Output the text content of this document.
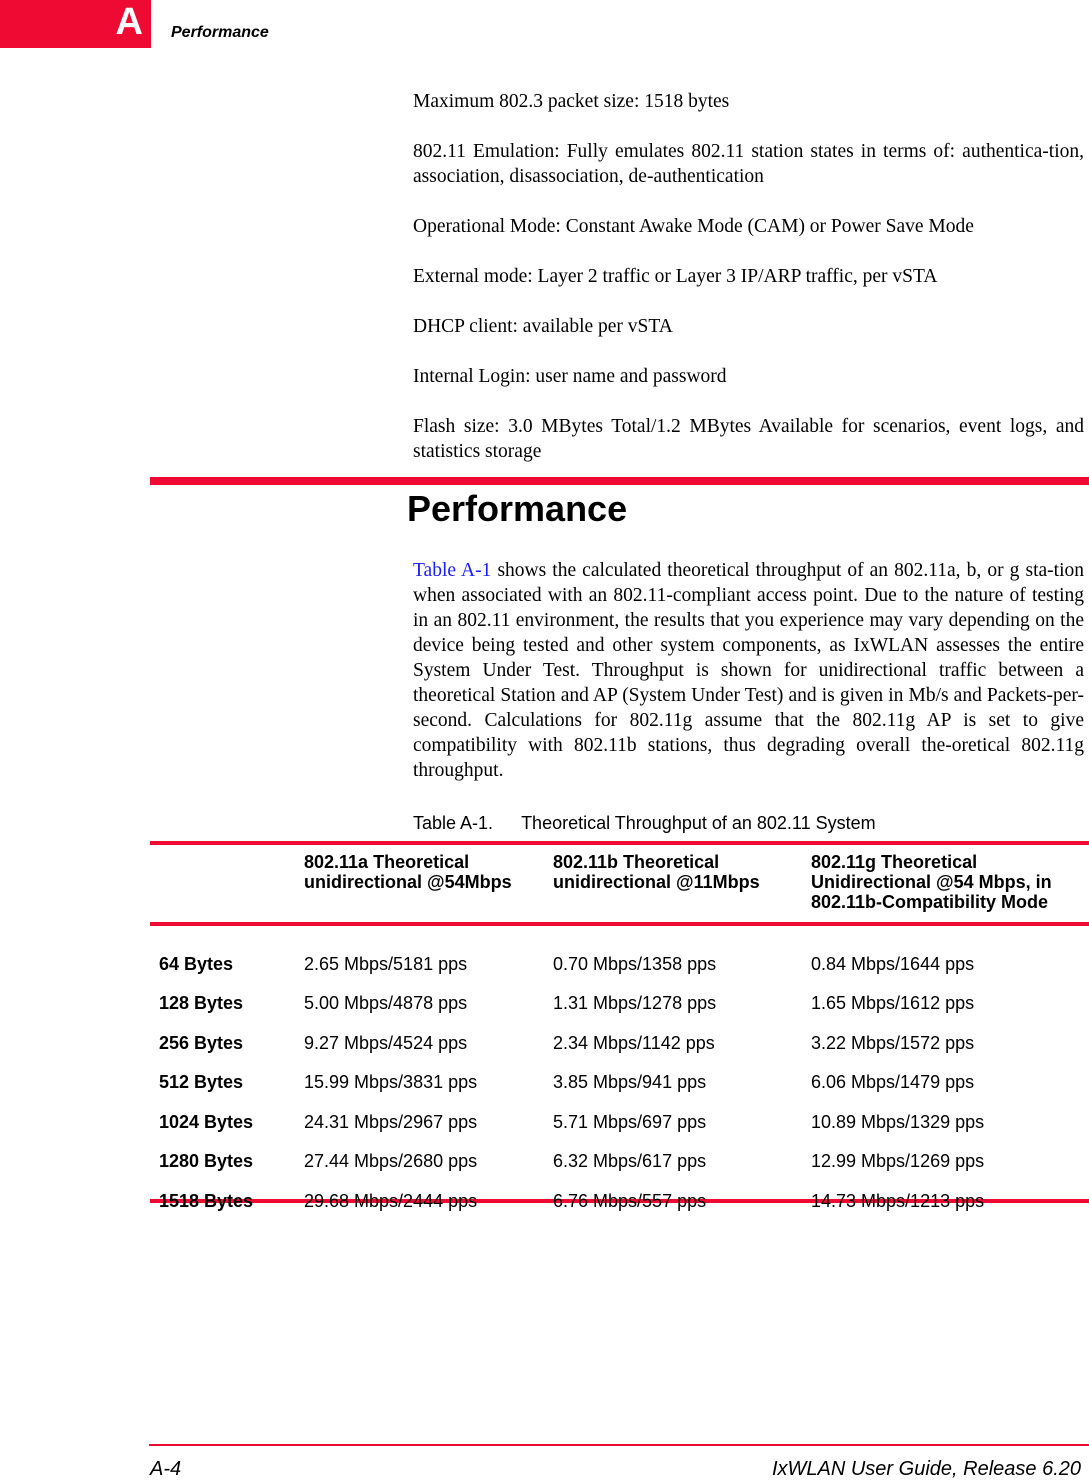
A Performance
Maximum 802.3 packet size: 1518 bytes
802.11 Emulation: Fully emulates 802.11 station states in terms of: authentica-tion, association, disassociation, de-authentication
Operational Mode: Constant Awake Mode (CAM) or Power Save Mode
External mode: Layer 2 traffic or Layer 3 IP/ARP traffic, per vSTA
DHCP client: available per vSTA
Internal Login: user name and password
Flash size: 3.0 MBytes Total/1.2 MBytes Available for scenarios, event logs, and statistics storage
Performance
Table A-1 shows the calculated theoretical throughput of an 802.11a, b, or g sta-tion when associated with an 802.11-compliant access point. Due to the nature of testing in an 802.11 environment, the results that you experience may vary depending on the device being tested and other system components, as IxWLAN assesses the entire System Under Test. Throughput is shown for unidirectional traffic between a theoretical Station and AP (System Under Test) and is given in Mb/s and Packets-per-second. Calculations for 802.11g assume that the 802.11g AP is set to give compatibility with 802.11b stations, thus degrading overall the-oretical 802.11g throughput.
Table A-1. Theoretical Throughput of an 802.11 System
	802.11a Theoretical unidirectional @54Mbps	802.11b Theoretical unidirectional @11Mbps	802.11g Theoretical Unidirectional @54 Mbps, in 802.11b-Compatibility Mode

64 Bytes	2.65 Mbps/5181 pps	0.70 Mbps/1358 pps	0.84 Mbps/1644 pps
128 Bytes	5.00 Mbps/4878 pps	1.31 Mbps/1278 pps	1.65 Mbps/1612 pps
256 Bytes	9.27 Mbps/4524 pps	2.34 Mbps/1142 pps	3.22 Mbps/1572 pps
512 Bytes	15.99 Mbps/3831 pps	3.85 Mbps/941 pps	6.06 Mbps/1479 pps
1024 Bytes	24.31 Mbps/2967 pps	5.71 Mbps/697 pps	10.89 Mbps/1329 pps
1280 Bytes	27.44 Mbps/2680 pps	6.32 Mbps/617 pps	12.99 Mbps/1269 pps
1518 Bytes	29.68 Mbps/2444 pps	6.76 Mbps/557 pps	14.73 Mbps/1213 pps
A-4	IxWLAN User Guide, Release 6.20
